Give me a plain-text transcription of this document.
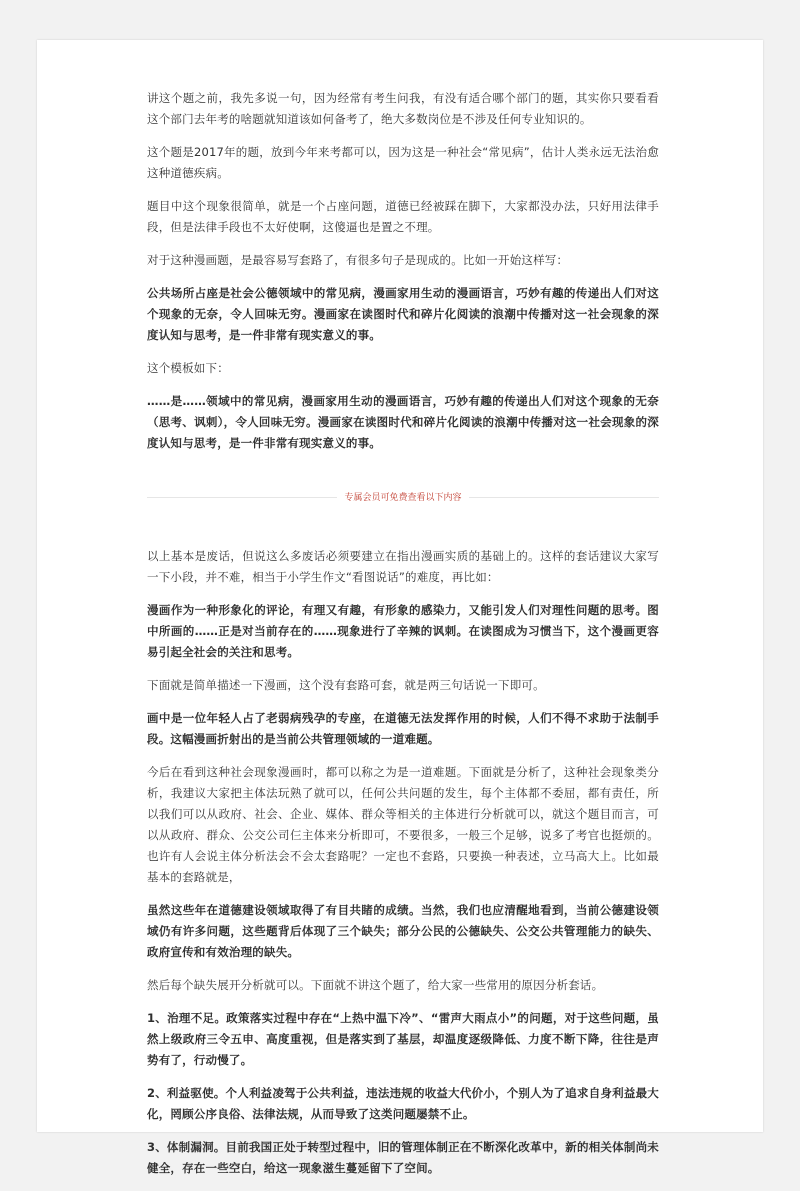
讲这个题之前，我先多说一句，因为经常有考生问我，有没有适合哪个部门的题，其实你只要看看这个部门去年考的啥题就知道该如何备考了，绝大多数岗位是不涉及任何专业知识的。

这个题是2017年的题，放到今年来考都可以，因为这是一种社会“常见病”，估计人类永远无法治愈这种道德疾病。

题目中这个现象很简单，就是一个占座问题，道德已经被踩在脚下，大家都没办法，只好用法律手段，但是法律手段也不太好使啊，这傻逼也是置之不理。

对于这种漫画题，是最容易写套路了，有很多句子是现成的。比如一开始这样写：

公共场所占座是社会公德领域中的常见病，漫画家用生动的漫画语言，巧妙有趣的传递出人们对这个现象的无奈，令人回味无穷。漫画家在读图时代和碎片化阅读的浪潮中传播对这一社会现象的深度认知与思考，是一件非常有现实意义的事。

这个模板如下：

……是……领域中的常见病，漫画家用生动的漫画语言，巧妙有趣的传递出人们对这个现象的无奈（思考、讽刺），令人回味无穷。漫画家在读图时代和碎片化阅读的浪潮中传播对这一社会现象的深度认知与思考，是一件非常有现实意义的事。

专属会员可免费查看以下内容

以上基本是废话，但说这么多废话必须要建立在指出漫画实质的基础上的。这样的套话建议大家写一下小段，并不难，相当于小学生作文“看图说话”的难度，再比如：

漫画作为一种形象化的评论，有理又有趣，有形象的感染力，又能引发人们对理性问题的思考。图中所画的……正是对当前存在的……现象进行了辛辣的讽刺。在读图成为习惯当下，这个漫画更容易引起全社会的关注和思考。

下面就是简单描述一下漫画，这个没有套路可套，就是两三句话说一下即可。

画中是一位年轻人占了老弱病残孕的专座，在道德无法发挥作用的时候，人们不得不求助于法制手段。这幅漫画折射出的是当前公共管理领域的一道难题。

今后在看到这种社会现象漫画时，都可以称之为是一道难题。下面就是分析了，这种社会现象类分析，我建议大家把主体法玩熟了就可以，任何公共问题的发生，每个主体都不委屈，都有责任，所以我们可以从政府、社会、企业、媒体、群众等相关的主体进行分析就可以，就这个题目而言，可以从政府、群众、公交公司仨主体来分析即可，不要很多，一般三个足够，说多了考官也挺烦的。也许有人会说主体分析法会不会太套路呢？一定也不套路，只要换一种表述，立马高大上。比如最基本的套路就是，

虽然这些年在道德建设领域取得了有目共睹的成绩。当然，我们也应清醒地看到，当前公德建设领域仍有许多问题，这些题背后体现了三个缺失；部分公民的公德缺失、公交公共管理能力的缺失、政府宣传和有效治理的缺失。

然后每个缺失展开分析就可以。下面就不讲这个题了，给大家一些常用的原因分析套话。

1、治理不足。政策落实过程中存在“上热中温下冷”、“雷声大雨点小”的问题，对于这些问题，虽然上级政府三令五申、高度重视，但是落实到了基层，却温度逐级降低、力度不断下降，往往是声势有了，行动慢了。

2、利益驱使。个人利益凌驾于公共利益，违法违规的收益大代价小，个别人为了追求自身利益最大化，罔顾公序良俗、法律法规，从而导致了这类问题屡禁不止。

3、体制漏洞。目前我国正处于转型过程中，旧的管理体制正在不断深化改革中，新的相关体制尚未健全，存在一些空白，给这一现象滋生蔓延留下了空间。
